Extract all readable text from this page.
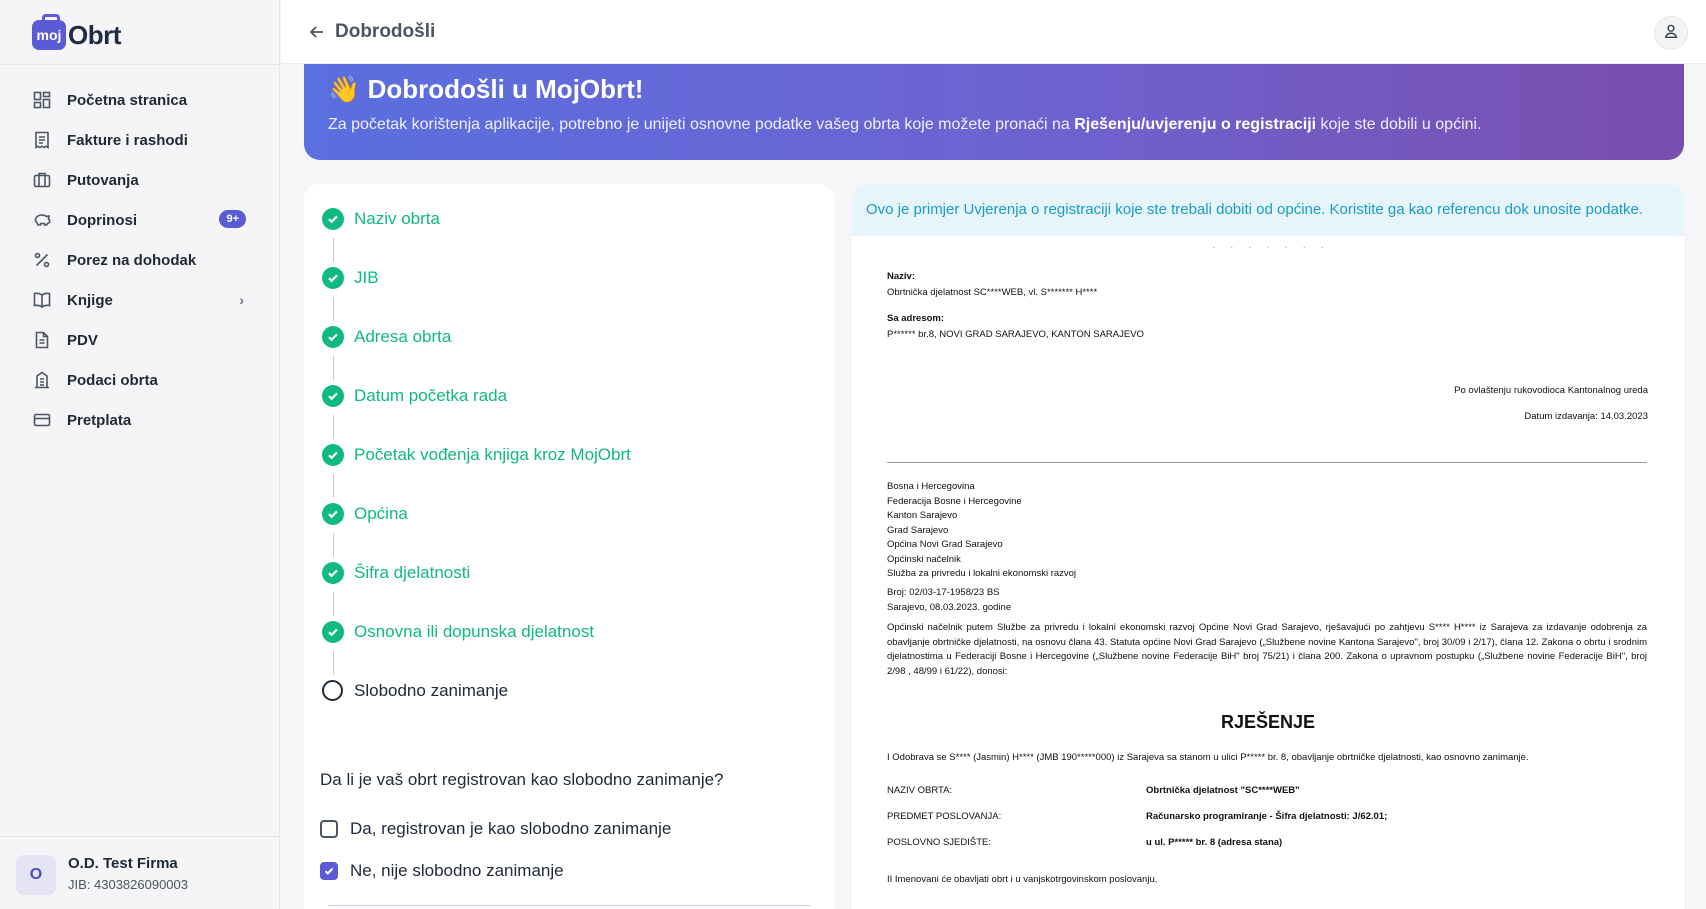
moj Obrt
Početna stranica
Fakture i rashodi
Putovanja
Doprinosi	9+
Porez na dohodak
Knjige	›
PDV
Podaci obrta
Pretplata
O
O.D. Test Firma
JIB: 4303826090003
Dobrodošli
👋 Dobrodošli u MojObrt!
Za početak korištenja aplikacije, potrebno je unijeti osnovne podatke vašeg obrta koje možete pronaći na Rješenju/uvjerenju o registraciji koje ste dobili u općini.
Naziv obrta
JIB
Adresa obrta
Datum početka rada
Početak vođenja knjiga kroz MojObrt
Općina
Šifra djelatnosti
Osnovna ili dopunska djelatnost
Slobodno zanimanje
Da li je vaš obrt registrovan kao slobodno zanimanje?
Da, registrovan je kao slobodno zanimanje
Ne, nije slobodno zanimanje
Ovo je primjer Uvjerenja o registraciji koje ste trebali dobiti od općine. Koristite ga kao referencu dok unosite podatke.
· · · · · · ·
Naziv:
Obrtnička djelatnost SC****WEB, vl. S******* H****
Sa adresom:
P****** br.8, NOVI GRAD SARAJEVO, KANTON SARAJEVO
Po ovlaštenju rukovodioca Kantonalnog ureda
Datum izdavanja: 14.03.2023
Bosna i Hercegovina
Federacija Bosne i Hercegovine
Kanton Sarajevo
Grad Sarajevo
Općina Novi Grad Sarajevo
Općinski načelnik
Služba za privredu i lokalni ekonomski razvoj
Broj: 02/03-17-1958/23 BS
Sarajevo, 08.03.2023. godine
Općinski načelnik putem Službe za privredu i lokalni ekonomski razvoj Općine Novi Grad Sarajevo, rješavajući po zahtjevu S**** H**** iz Sarajeva za izdavanje odobrenja za obavljanje obrtničke djelatnosti, na osnovu člana 43. Statuta općine Novi Grad Sarajevo („Službene novine Kantona Sarajevo", broj 30/09 i 2/17), člana 12. Zakona o obrtu i srodnim djelatnostima u Federaciji Bosne i Hercegovine („Službene novine Federacije BiH" broj 75/21) i člana 200. Zakona o upravnom postupku („Službene novine Federacije BiH", broj 2/98 , 48/99 i 61/22), donosi:
RJEŠENJE
I Odobrava se S**** (Jasmin) H**** (JMB 190*****000) iz Sarajeva sa stanom u ulici P***** br. 8, obavljanje obrtničke djelatnosti, kao osnovno zanimanje.
NAZIV OBRTA:	Obrtnička djelatnost "SC****WEB"
PREDMET POSLOVANJA:	Računarsko programiranje - Šifra djelatnosti: J/62.01;
POSLOVNO SJEDIŠTE:	u ul. P***** br. 8 (adresa stana)
II Imenovani će obavljati obrt i u vanjskotrgovinskom poslovanju.
